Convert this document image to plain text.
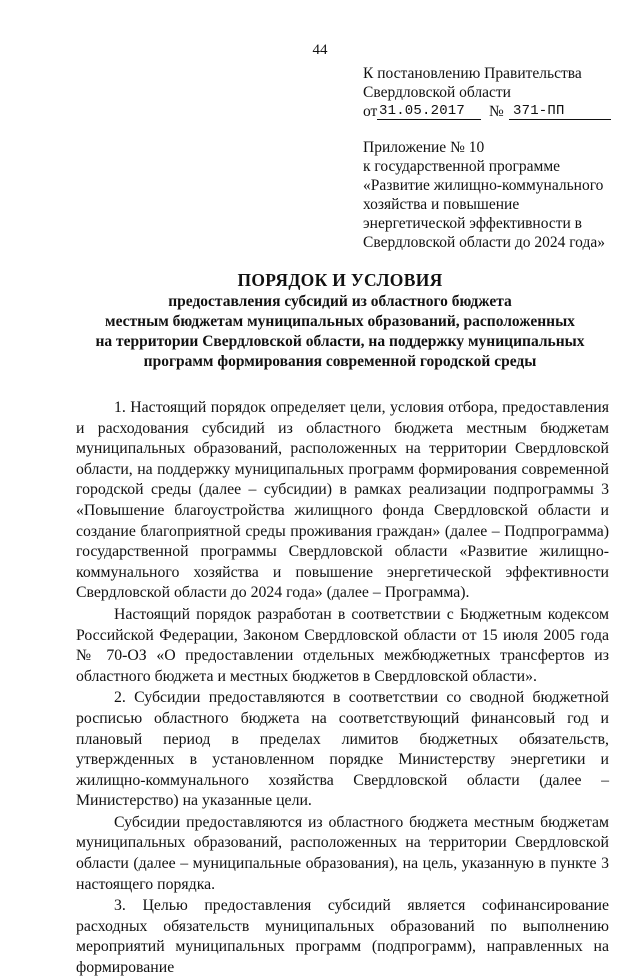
44
К постановлению Правительства
Свердловской области
от 31.05.2017	№ 371-ПП
Приложение № 10
к государственной программе
«Развитие жилищно-коммунального
хозяйства и повышение
энергетической эффективности в
Свердловской области до 2024 года»
ПОРЯДОК И УСЛОВИЯ
предоставления субсидий из областного бюджета
местным бюджетам муниципальных образований, расположенных
на территории Свердловской области, на поддержку муниципальных
программ формирования современной городской среды

1. Настоящий порядок определяет цели, условия отбора, предоставления и расходования субсидий из областного бюджета местным бюджетам муниципальных образований, расположенных на территории Свердловской области, на поддержку муниципальных программ формирования современной городской среды (далее – субсидии) в рамках реализации подпрограммы 3 «Повышение благоустройства жилищного фонда Свердловской области и создание благоприятной среды проживания граждан» (далее – Подпрограмма) государственной программы Свердловской области «Развитие жилищно-коммунального хозяйства и повышение энергетической эффективности Свердловской области до 2024 года» (далее – Программа).

Настоящий порядок разработан в соответствии с Бюджетным кодексом Российской Федерации, Законом Свердловской области от 15 июля 2005 года № 70-ОЗ «О предоставлении отдельных межбюджетных трансфертов из областного бюджета и местных бюджетов в Свердловской области».

2. Субсидии предоставляются в соответствии со сводной бюджетной росписью областного бюджета на соответствующий финансовый год и плановый период в пределах лимитов бюджетных обязательств, утвержденных в установленном порядке Министерству энергетики и жилищно-коммунального хозяйства Свердловской области (далее – Министерство) на указанные цели.

Субсидии предоставляются из областного бюджета местным бюджетам муниципальных образований, расположенных на территории Свердловской области (далее – муниципальные образования), на цель, указанную в пункте 3 настоящего порядка.

3. Целью предоставления субсидий является софинансирование расходных обязательств муниципальных образований по выполнению мероприятий муниципальных программ (подпрограмм), направленных на формирование
